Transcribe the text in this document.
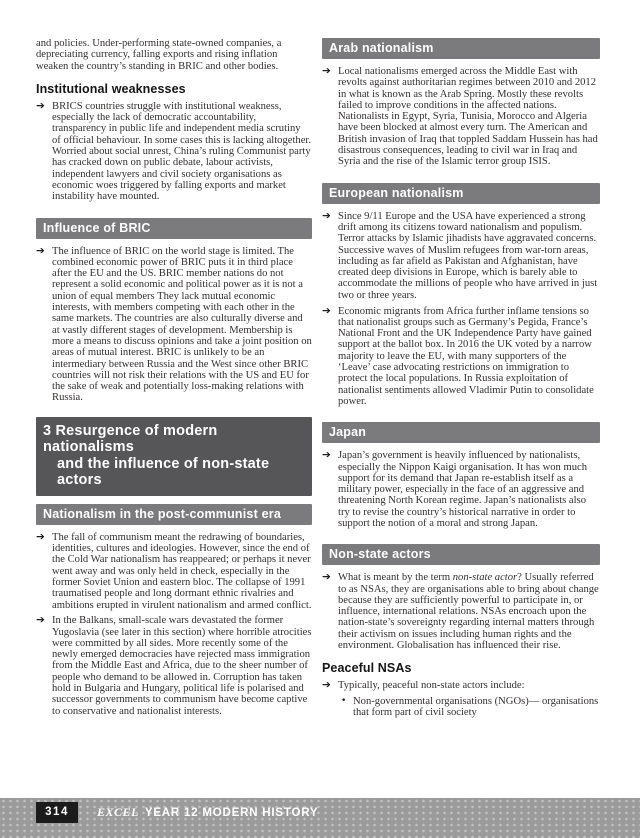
and policies. Under-performing state-owned companies, a depreciating currency, falling exports and rising inflation weaken the country’s standing in BRIC and other bodies.

Institutional weaknesses
➔ BRICS countries struggle with institutional weakness, especially the lack of democratic accountability, transparency in public life and independent media scrutiny of official behaviour. In some cases this is lacking altogether. Worried about social unrest, China’s ruling Communist party has cracked down on public debate, labour activists, independent lawyers and civil society organisations as economic woes triggered by falling exports and market instability have mounted.

Influence of BRIC
➔ The influence of BRIC on the world stage is limited. The combined economic power of BRIC puts it in third place after the EU and the US. BRIC member nations do not represent a solid economic and political power as it is not a union of equal members They lack mutual economic interests, with members competing with each other in the same markets. The countries are also culturally diverse and at vastly different stages of development. Membership is more a means to discuss opinions and take a joint position on areas of mutual interest. BRIC is unlikely to be an intermediary between Russia and the West since other BRIC countries will not risk their relations with the US and EU for the sake of weak and potentially loss-making relations with Russia.

3 Resurgence of modern nationalisms
and the influence of non-state actors
Nationalism in the post-communist era
➔ The fall of communism meant the redrawing of boundaries, identities, cultures and ideologies. However, since the end of the Cold War nationalism has reappeared; or perhaps it never went away and was only held in check, especially in the former Soviet Union and eastern bloc. The collapse of 1991 traumatised people and long dormant ethnic rivalries and ambitions erupted in virulent nationalism and armed conflict.

➔ In the Balkans, small-scale wars devastated the former Yugoslavia (see later in this section) where horrible atrocities were committed by all sides. More recently some of the newly emerged democracies have rejected mass immigration from the Middle East and Africa, due to the sheer number of people who demand to be allowed in. Corruption has taken hold in Bulgaria and Hungary, political life is polarised and successor governments to communism have become captive to conservative and nationalist interests.

Arab nationalism
➔ Local nationalisms emerged across the Middle East with revolts against authoritarian regimes between 2010 and 2012 in what is known as the Arab Spring. Mostly these revolts failed to improve conditions in the affected nations. Nationalists in Egypt, Syria, Tunisia, Morocco and Algeria have been blocked at almost every turn. The American and British invasion of Iraq that toppled Saddam Hussein has had disastrous consequences, leading to civil war in Iraq and Syria and the rise of the Islamic terror group ISIS.

European nationalism
➔ Since 9/11 Europe and the USA have experienced a strong drift among its citizens toward nationalism and populism. Terror attacks by Islamic jihadists have aggravated concerns. Successive waves of Muslim refugees from war-torn areas, including as far afield as Pakistan and Afghanistan, have created deep divisions in Europe, which is barely able to accommodate the millions of people who have arrived in just two or three years.

➔ Economic migrants from Africa further inflame tensions so that nationalist groups such as Germany’s Pegida, France’s National Front and the UK Independence Party have gained support at the ballot box. In 2016 the UK voted by a narrow majority to leave the EU, with many supporters of the ‘Leave’ case advocating restrictions on immigration to protect the local populations. In Russia exploitation of nationalist sentiments allowed Vladimir Putin to consolidate power.

Japan
➔ Japan’s government is heavily influenced by nationalists, especially the Nippon Kaigi organisation. It has won much support for its demand that Japan re-establish itself as a military power, especially in the face of an aggressive and threatening North Korean regime. Japan’s nationalists also try to revise the country’s historical narrative in order to support the notion of a moral and strong Japan.

Non-state actors
➔ What is meant by the term non-state actor? Usually referred to as NSAs, they are organisations able to bring about change because they are sufficiently powerful to participate in, or influence, international relations. NSAs encroach upon the nation-state’s sovereignty regarding internal matters through their activism on issues including human rights and the environment. Globalisation has influenced their rise.

Peaceful NSAs
➔ Typically, peaceful non-state actors include:

• Non-governmental organisations (NGOs)— organisations that form part of civil society

314	EXCEL YEAR 12 MODERN HISTORY
